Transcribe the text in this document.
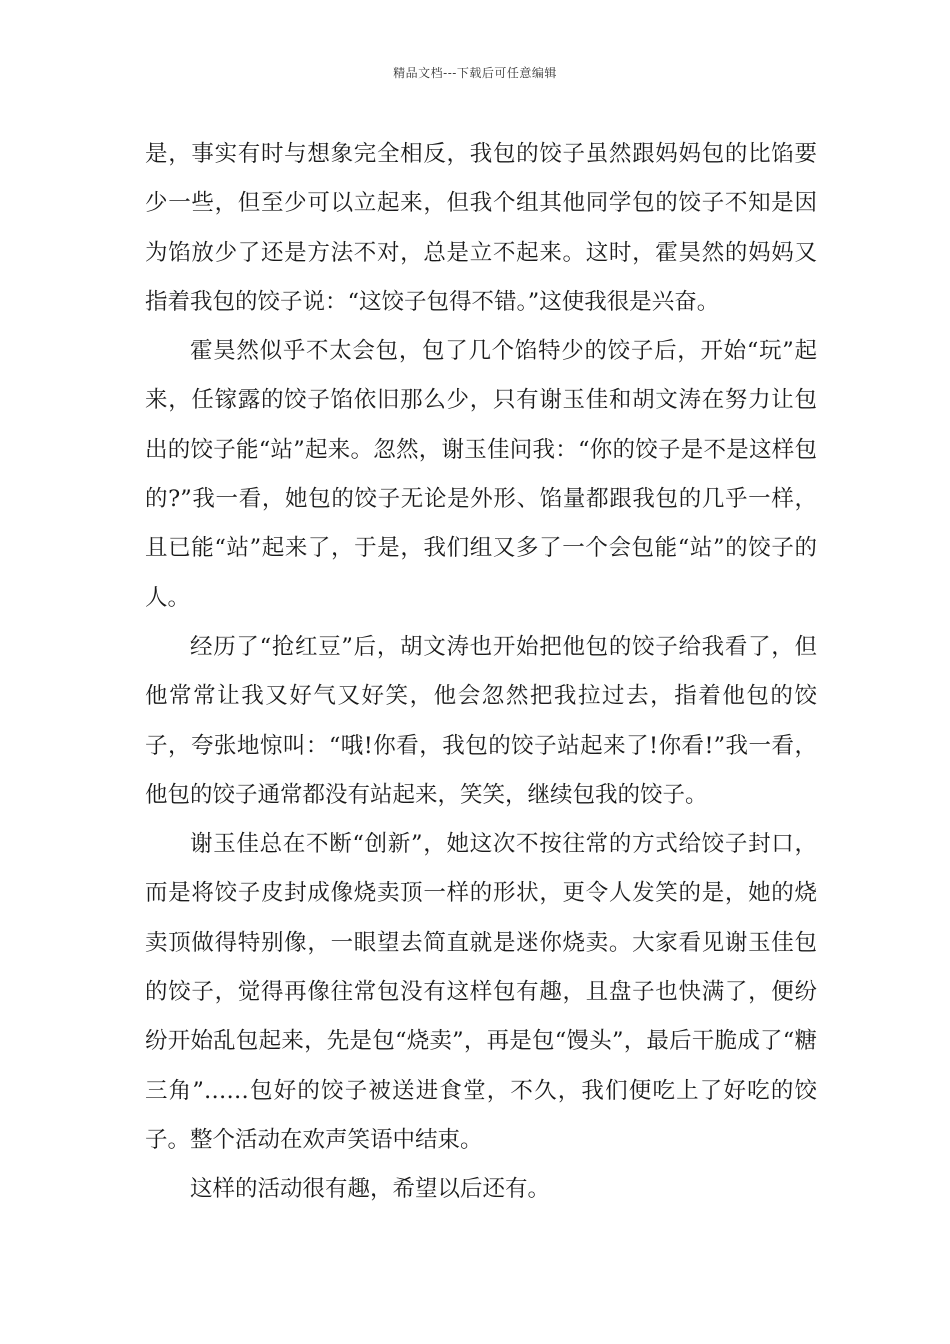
精品文档---下载后可任意编辑

是，事实有时与想象完全相反，我包的饺子虽然跟妈妈包的比馅要少一些，但至少可以立起来，但我个组其他同学包的饺子不知是因为馅放少了还是方法不对，总是立不起来。这时，霍昊然的妈妈又指着我包的饺子说：“这饺子包得不错。”这使我很是兴奋。

霍昊然似乎不太会包，包了几个馅特少的饺子后，开始“玩”起来，任镓露的饺子馅依旧那么少，只有谢玉佳和胡文涛在努力让包出的饺子能“站”起来。忽然，谢玉佳问我：“你的饺子是不是这样包的?”我一看，她包的饺子无论是外形、馅量都跟我包的几乎一样，且已能“站”起来了，于是，我们组又多了一个会包能“站”的饺子的人。

经历了“抢红豆”后，胡文涛也开始把他包的饺子给我看了，但他常常让我又好气又好笑，他会忽然把我拉过去，指着他包的饺子，夸张地惊叫：“哦!你看，我包的饺子站起来了!你看!”我一看，他包的饺子通常都没有站起来，笑笑，继续包我的饺子。

谢玉佳总在不断“创新”，她这次不按往常的方式给饺子封口，而是将饺子皮封成像烧卖顶一样的形状，更令人发笑的是，她的烧卖顶做得特别像，一眼望去简直就是迷你烧卖。大家看见谢玉佳包的饺子，觉得再像往常包没有这样包有趣，且盘子也快满了，便纷纷开始乱包起来，先是包“烧卖”，再是包“馒头”，最后干脆成了“糖三角”……包好的饺子被送进食堂，不久，我们便吃上了好吃的饺子。整个活动在欢声笑语中结束。

这样的活动很有趣，希望以后还有。
